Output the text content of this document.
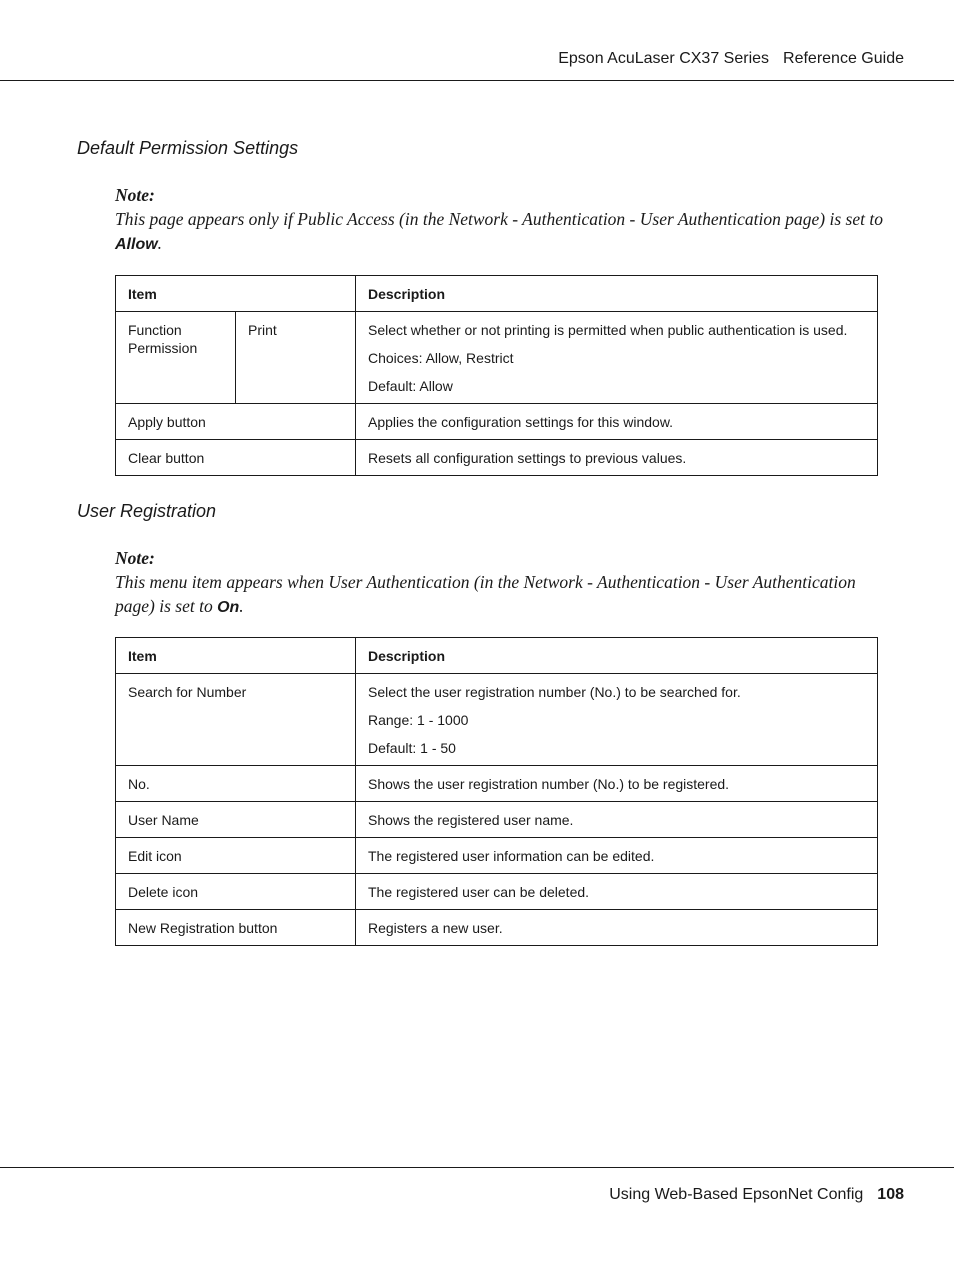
Epson AcuLaser CX37 Series Reference Guide
Default Permission Settings
Note:
This page appears only if Public Access (in the Network - Authentication - User Authentication page) is set to Allow.
Item		Description
Function Permission	Print	Select whether or not printing is permitted when public authentication is used.

Choices: Allow, Restrict

Default: Allow

Apply button		Applies the configuration settings for this window.
Clear button		Resets all configuration settings to previous values.
User Registration
Note:
This menu item appears when User Authentication (in the Network - Authentication - User Authentication page) is set to On.
Item	Description
Search for Number	Select the user registration number (No.) to be searched for.

Range: 1 - 1000

Default: 1 - 50

No.	Shows the user registration number (No.) to be registered.
User Name	Shows the registered user name.
Edit icon	The registered user information can be edited.
Delete icon	The registered user can be deleted.
New Registration button	Registers a new user.
Using Web-Based EpsonNet Config 108
